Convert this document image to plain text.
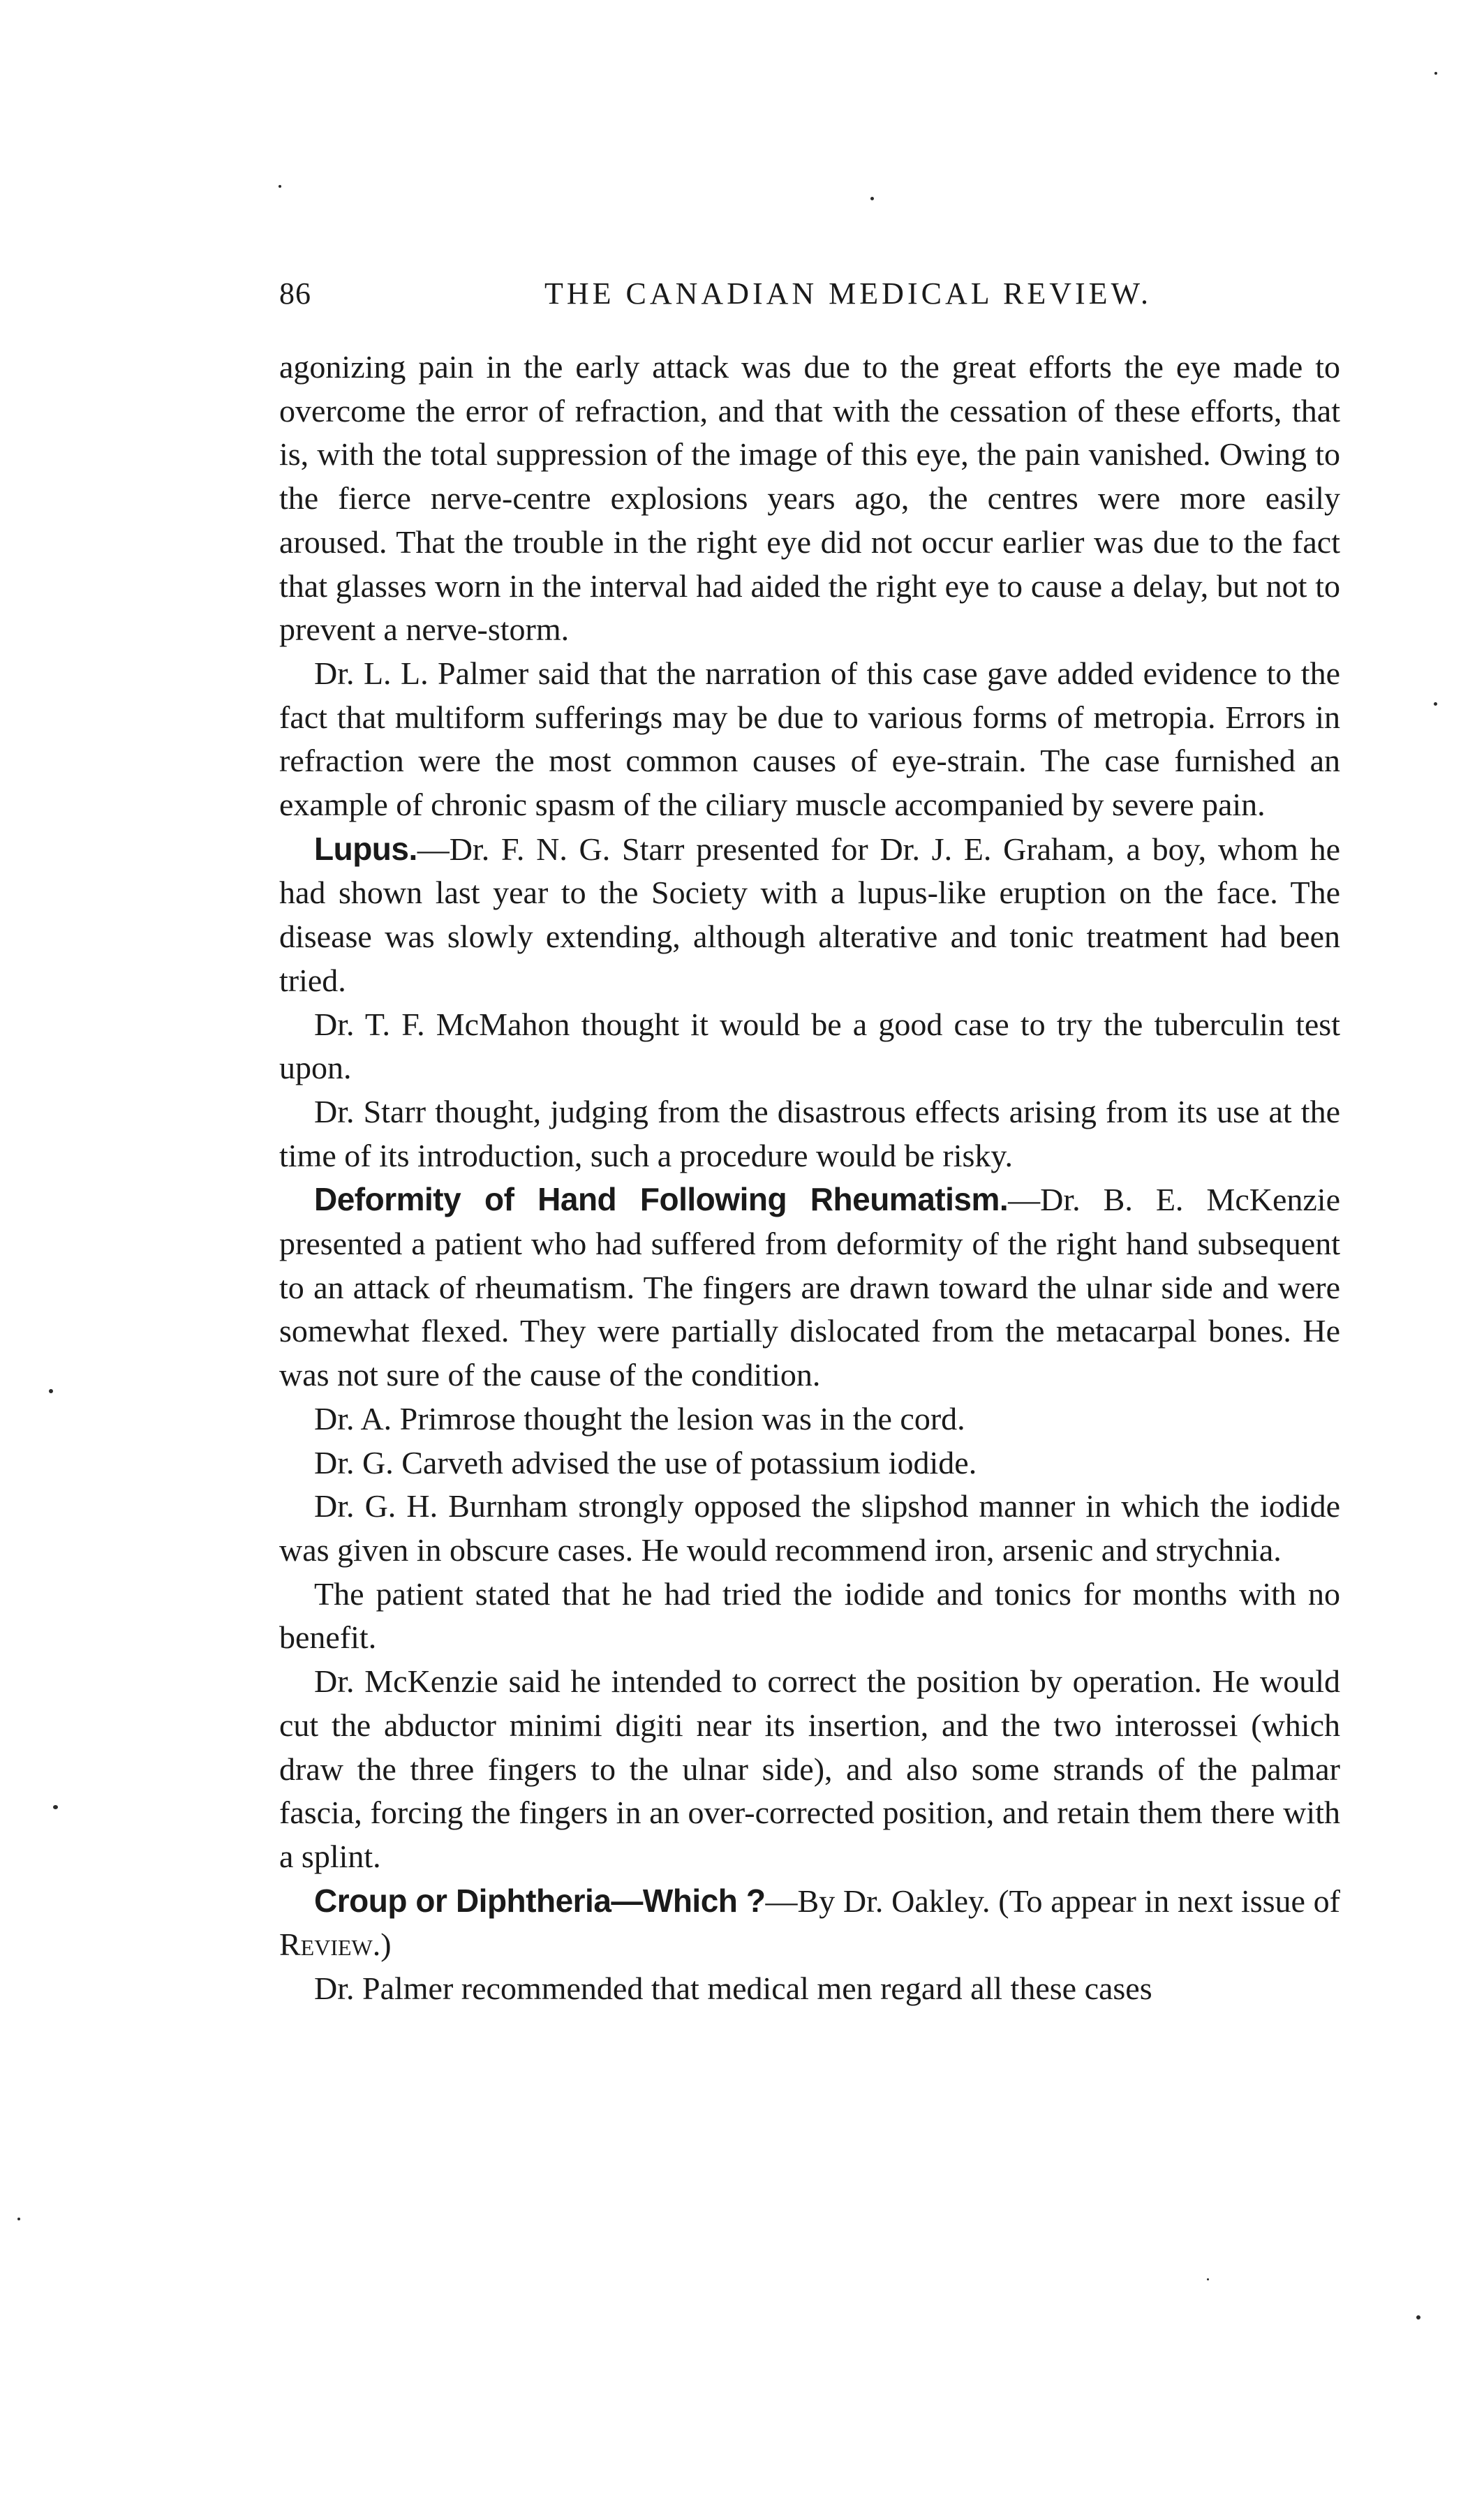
86	THE CANADIAN MEDICAL REVIEW.

agonizing pain in the early attack was due to the great efforts the eye made to overcome the error of refraction, and that with the cessation of these efforts, that is, with the total suppression of the image of this eye, the pain vanished. Owing to the fierce nerve-centre explosions years ago, the centres were more easily aroused. That the trouble in the right eye did not occur earlier was due to the fact that glasses worn in the interval had aided the right eye to cause a delay, but not to prevent a nerve-storm.

Dr. L. L. Palmer said that the narration of this case gave added evidence to the fact that multiform sufferings may be due to various forms of metropia. Errors in refraction were the most common causes of eye-strain. The case furnished an example of chronic spasm of the ciliary muscle accompanied by severe pain.

Lupus.—Dr. F. N. G. Starr presented for Dr. J. E. Graham, a boy, whom he had shown last year to the Society with a lupus-like eruption on the face. The disease was slowly extending, although alterative and tonic treatment had been tried.

Dr. T. F. McMahon thought it would be a good case to try the tuberculin test upon.

Dr. Starr thought, judging from the disastrous effects arising from its use at the time of its introduction, such a procedure would be risky.

Deformity of Hand Following Rheumatism.—Dr. B. E. McKenzie presented a patient who had suffered from deformity of the right hand subsequent to an attack of rheumatism. The fingers are drawn toward the ulnar side and were somewhat flexed. They were partially dislocated from the metacarpal bones. He was not sure of the cause of the condition.

Dr. A. Primrose thought the lesion was in the cord.

Dr. G. Carveth advised the use of potassium iodide.

Dr. G. H. Burnham strongly opposed the slipshod manner in which the iodide was given in obscure cases. He would recommend iron, arsenic and strychnia.

The patient stated that he had tried the iodide and tonics for months with no benefit.

Dr. McKenzie said he intended to correct the position by operation. He would cut the abductor minimi digiti near its insertion, and the two interossei (which draw the three fingers to the ulnar side), and also some strands of the palmar fascia, forcing the fingers in an over-corrected position, and retain them there with a splint.

Croup or Diphtheria—Which ?—By Dr. Oakley. (To appear in next issue of Review.)

Dr. Palmer recommended that medical men regard all these cases
